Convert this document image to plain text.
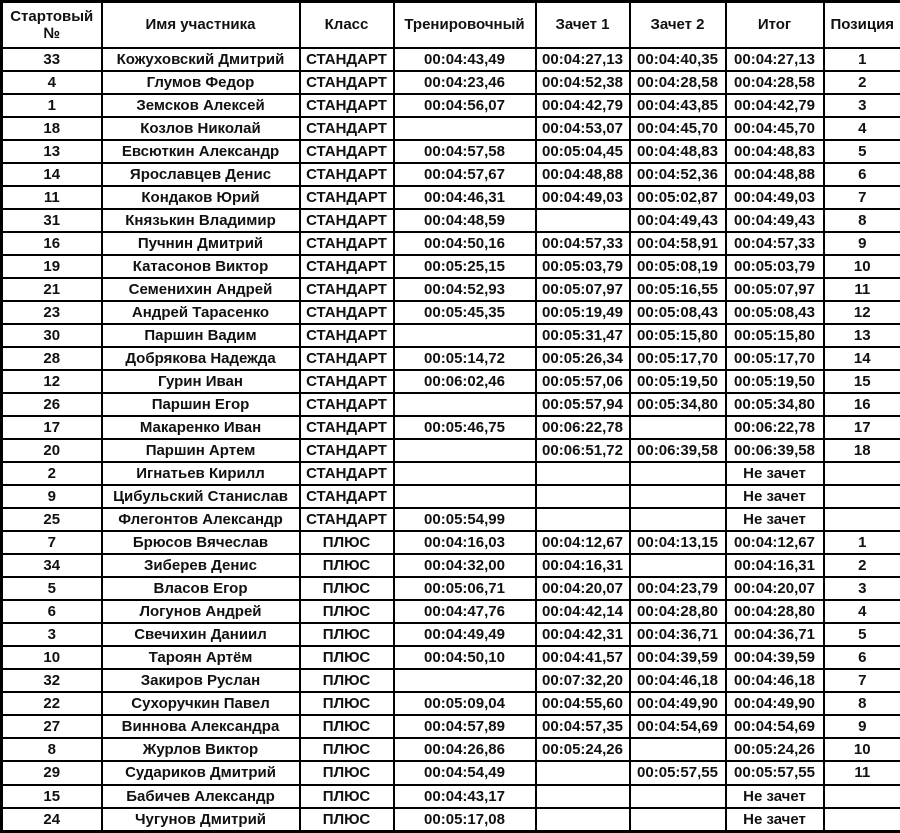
Стартовый №	Имя участника	Класс	Тренировочный	Зачет 1	Зачет 2	Итог	Позиция
33	Кожуховский Дмитрий	СТАНДАРТ	00:04:43,49	00:04:27,13	00:04:40,35	00:04:27,13	1
4	Глумов Федор	СТАНДАРТ	00:04:23,46	00:04:52,38	00:04:28,58	00:04:28,58	2
1	Земсков Алексей	СТАНДАРТ	00:04:56,07	00:04:42,79	00:04:43,85	00:04:42,79	3
18	Козлов Николай	СТАНДАРТ		00:04:53,07	00:04:45,70	00:04:45,70	4
13	Евсюткин Александр	СТАНДАРТ	00:04:57,58	00:05:04,45	00:04:48,83	00:04:48,83	5
14	Ярославцев Денис	СТАНДАРТ	00:04:57,67	00:04:48,88	00:04:52,36	00:04:48,88	6
11	Кондаков Юрий	СТАНДАРТ	00:04:46,31	00:04:49,03	00:05:02,87	00:04:49,03	7
31	Князькин Владимир	СТАНДАРТ	00:04:48,59		00:04:49,43	00:04:49,43	8
16	Пучнин Дмитрий	СТАНДАРТ	00:04:50,16	00:04:57,33	00:04:58,91	00:04:57,33	9
19	Катасонов Виктор	СТАНДАРТ	00:05:25,15	00:05:03,79	00:05:08,19	00:05:03,79	10
21	Семенихин Андрей	СТАНДАРТ	00:04:52,93	00:05:07,97	00:05:16,55	00:05:07,97	11
23	Андрей Тарасенко	СТАНДАРТ	00:05:45,35	00:05:19,49	00:05:08,43	00:05:08,43	12
30	Паршин Вадим	СТАНДАРТ		00:05:31,47	00:05:15,80	00:05:15,80	13
28	Добрякова Надежда	СТАНДАРТ	00:05:14,72	00:05:26,34	00:05:17,70	00:05:17,70	14
12	Гурин Иван	СТАНДАРТ	00:06:02,46	00:05:57,06	00:05:19,50	00:05:19,50	15
26	Паршин Егор	СТАНДАРТ		00:05:57,94	00:05:34,80	00:05:34,80	16
17	Макаренко Иван	СТАНДАРТ	00:05:46,75	00:06:22,78		00:06:22,78	17
20	Паршин Артем	СТАНДАРТ		00:06:51,72	00:06:39,58	00:06:39,58	18
2	Игнатьев Кирилл	СТАНДАРТ				Не зачет	
9	Цибульский Станислав	СТАНДАРТ				Не зачет	
25	Флегонтов Александр	СТАНДАРТ	00:05:54,99			Не зачет	
7	Брюсов Вячеслав	ПЛЮС	00:04:16,03	00:04:12,67	00:04:13,15	00:04:12,67	1
34	Зиберев Денис	ПЛЮС	00:04:32,00	00:04:16,31		00:04:16,31	2
5	Власов Егор	ПЛЮС	00:05:06,71	00:04:20,07	00:04:23,79	00:04:20,07	3
6	Логунов Андрей	ПЛЮС	00:04:47,76	00:04:42,14	00:04:28,80	00:04:28,80	4
3	Свечихин Даниил	ПЛЮС	00:04:49,49	00:04:42,31	00:04:36,71	00:04:36,71	5
10	Тароян Артём	ПЛЮС	00:04:50,10	00:04:41,57	00:04:39,59	00:04:39,59	6
32	Закиров Руслан	ПЛЮС		00:07:32,20	00:04:46,18	00:04:46,18	7
22	Сухоручкин Павел	ПЛЮС	00:05:09,04	00:04:55,60	00:04:49,90	00:04:49,90	8
27	Виннова Александра	ПЛЮС	00:04:57,89	00:04:57,35	00:04:54,69	00:04:54,69	9
8	Журлов Виктор	ПЛЮС	00:04:26,86	00:05:24,26		00:05:24,26	10
29	Судариков Дмитрий	ПЛЮС	00:04:54,49		00:05:57,55	00:05:57,55	11
15	Бабичев Александр	ПЛЮС	00:04:43,17			Не зачет	
24	Чугунов Дмитрий	ПЛЮС	00:05:17,08			Не зачет	
